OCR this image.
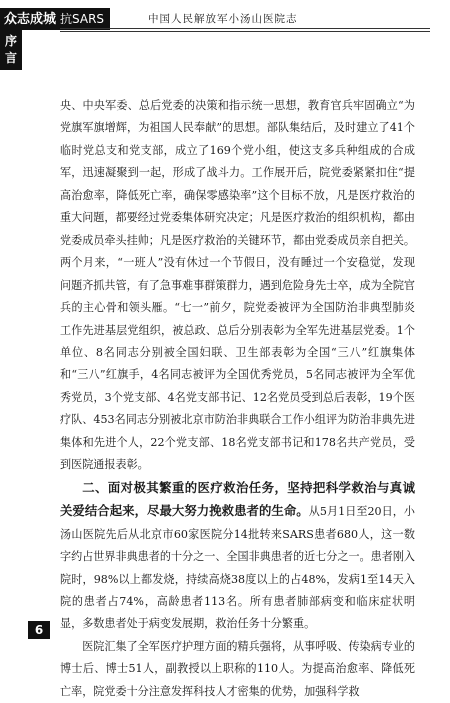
众志成城 抗SARS	中国人民解放军小汤山医院志
序
言

央、中央军委、总后党委的决策和指示统一思想，教育官兵牢固确立“为党旗军旗增辉，为祖国人民奉献”的思想。部队集结后，及时建立了41个临时党总支和党支部，成立了169个党小组，使这支多兵种组成的合成军，迅速凝聚到一起，形成了战斗力。工作展开后，院党委紧紧扣住“提高治愈率，降低死亡率，确保零感染率”这个目标不放，凡是医疗救治的重大问题，都要经过党委集体研究决定；凡是医疗救治的组织机构，都由党委成员牵头挂帅；凡是医疗救治的关键环节，都由党委成员亲自把关。两个月来，“一班人”没有休过一个节假日，没有睡过一个安稳觉，发现问题齐抓共管，有了急事难事群策群力，遇到危险身先士卒，成为全院官兵的主心骨和领头雁。“七一”前夕，院党委被评为全国防治非典型肺炎工作先进基层党组织，被总政、总后分别表彰为全军先进基层党委。1个单位、8名同志分别被全国妇联、卫生部表彰为全国“三八”红旗集体和“三八”红旗手，4名同志被评为全国优秀党员，5名同志被评为全军优秀党员，3个党支部、4名党支部书记、12名党员受到总后表彰，19个医疗队、453名同志分别被北京市防治非典联合工作小组评为防治非典先进集体和先进个人，22个党支部、18名党支部书记和178名共产党员，受到医院通报表彰。

二、面对极其繁重的医疗救治任务，坚持把科学救治与真诚关爱结合起来，尽最大努力挽救患者的生命。从5月1日至20日，小汤山医院先后从北京市60家医院分14批转来SARS患者680人，这一数字约占世界非典患者的十分之一、全国非典患者的近七分之一。患者刚入院时，98%以上都发烧，持续高烧38度以上的占48%，发病1至14天入院的患者占74%，高龄患者113名。所有患者肺部病变和临床症状明显，多数患者处于病变发展期，救治任务十分繁重。

医院汇集了全军医疗护理方面的精兵强将，从事呼吸、传染病专业的博士后、博士51人，副教授以上职称的110人。为提高治愈率、降低死亡率，院党委十分注意发挥科技人才密集的优势，加强科学救

6
